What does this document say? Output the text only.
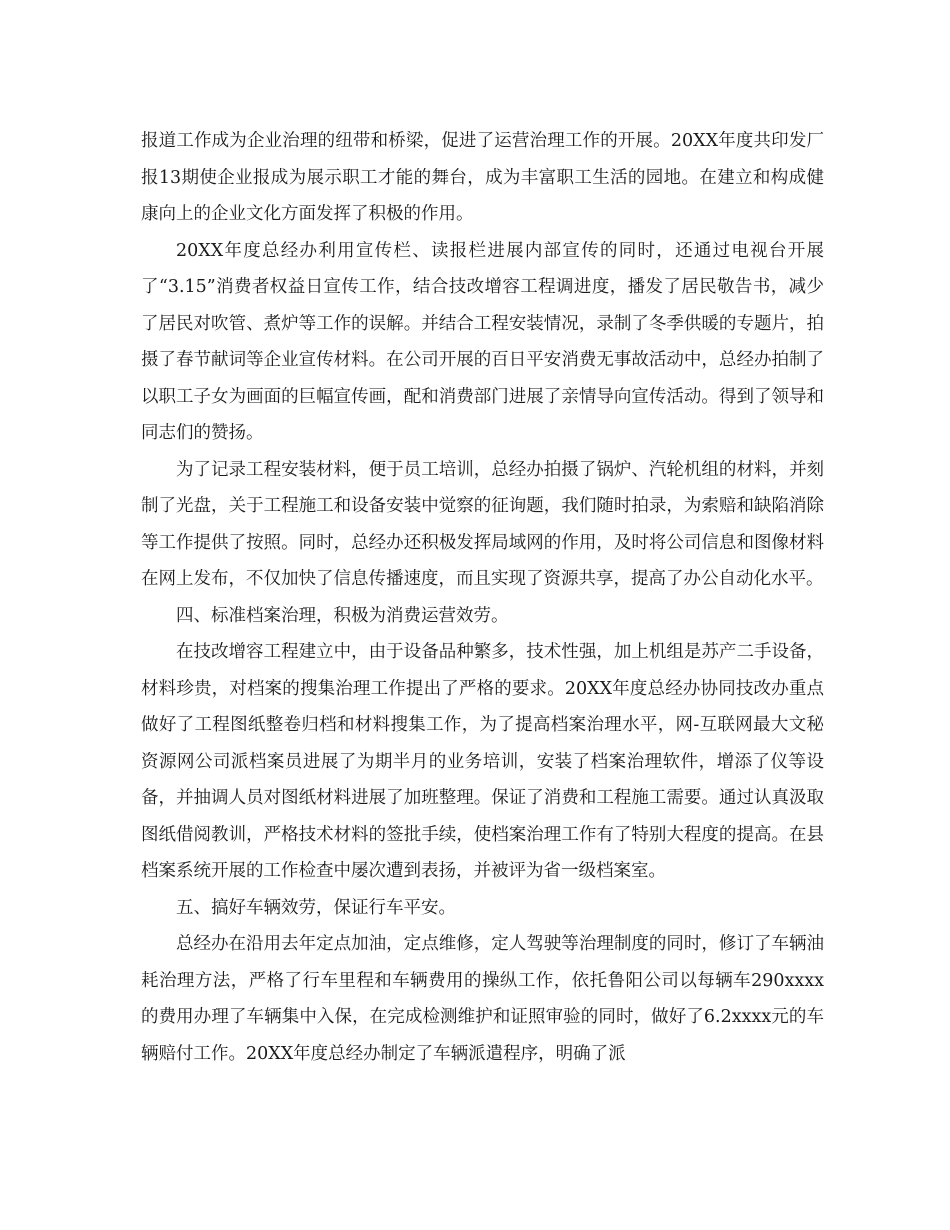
报道工作成为企业治理的纽带和桥梁，促进了运营治理工作的开展。20XX年度共印发厂报13期使企业报成为展示职工才能的舞台，成为丰富职工生活的园地。在建立和构成健康向上的企业文化方面发挥了积极的作用。

20XX年度总经办利用宣传栏、读报栏进展内部宣传的同时，还通过电视台开展了“3.15”消费者权益日宣传工作，结合技改增容工程调进度，播发了居民敬告书，减少了居民对吹管、煮炉等工作的误解。并结合工程安装情况，录制了冬季供暖的专题片，拍摄了春节献词等企业宣传材料。在公司开展的百日平安消费无事故活动中，总经办拍制了以职工子女为画面的巨幅宣传画，配和消费部门进展了亲情导向宣传活动。得到了领导和同志们的赞扬。

为了记录工程安装材料，便于员工培训，总经办拍摄了锅炉、汽轮机组的材料，并刻制了光盘，关于工程施工和设备安装中觉察的征询题，我们随时拍录，为索赔和缺陷消除等工作提供了按照。同时，总经办还积极发挥局域网的作用，及时将公司信息和图像材料在网上发布，不仅加快了信息传播速度，而且实现了资源共享，提高了办公自动化水平。

四、标准档案治理，积极为消费运营效劳。

在技改增容工程建立中，由于设备品种繁多，技术性强，加上机组是苏产二手设备，材料珍贵，对档案的搜集治理工作提出了严格的要求。20XX年度总经办协同技改办重点做好了工程图纸整卷归档和材料搜集工作，为了提高档案治理水平，网-互联网最大文秘资源网公司派档案员进展了为期半月的业务培训，安装了档案治理软件，增添了仪等设备，并抽调人员对图纸材料进展了加班整理。保证了消费和工程施工需要。通过认真汲取图纸借阅教训，严格技术材料的签批手续，使档案治理工作有了特别大程度的提高。在县档案系统开展的工作检查中屡次遭到表扬，并被评为省一级档案室。

五、搞好车辆效劳，保证行车平安。

总经办在沿用去年定点加油，定点维修，定人驾驶等治理制度的同时，修订了车辆油耗治理方法，严格了行车里程和车辆费用的操纵工作，依托鲁阳公司以每辆车290xxxx的费用办理了车辆集中入保，在完成检测维护和证照审验的同时，做好了6.2xxxx元的车辆赔付工作。20XX年度总经办制定了车辆派遣程序，明确了派
